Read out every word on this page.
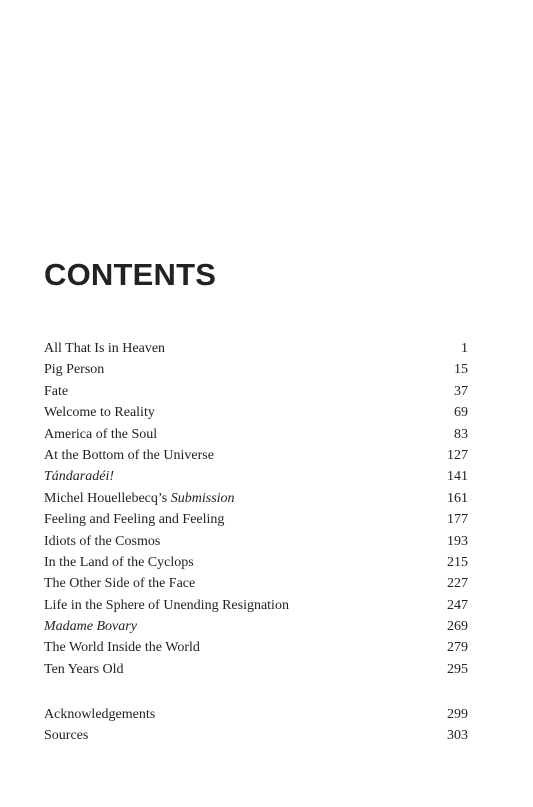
CONTENTS
All That Is in Heaven	1
Pig Person	15
Fate	37
Welcome to Reality	69
America of the Soul	83
At the Bottom of the Universe	127
Tándaradéi!	141
Michel Houellebecq’s Submission	161
Feeling and Feeling and Feeling	177
Idiots of the Cosmos	193
In the Land of the Cyclops	215
The Other Side of the Face	227
Life in the Sphere of Unending Resignation	247
Madame Bovary	269
The World Inside the World	279
Ten Years Old	295
Acknowledgements	299
Sources	303
